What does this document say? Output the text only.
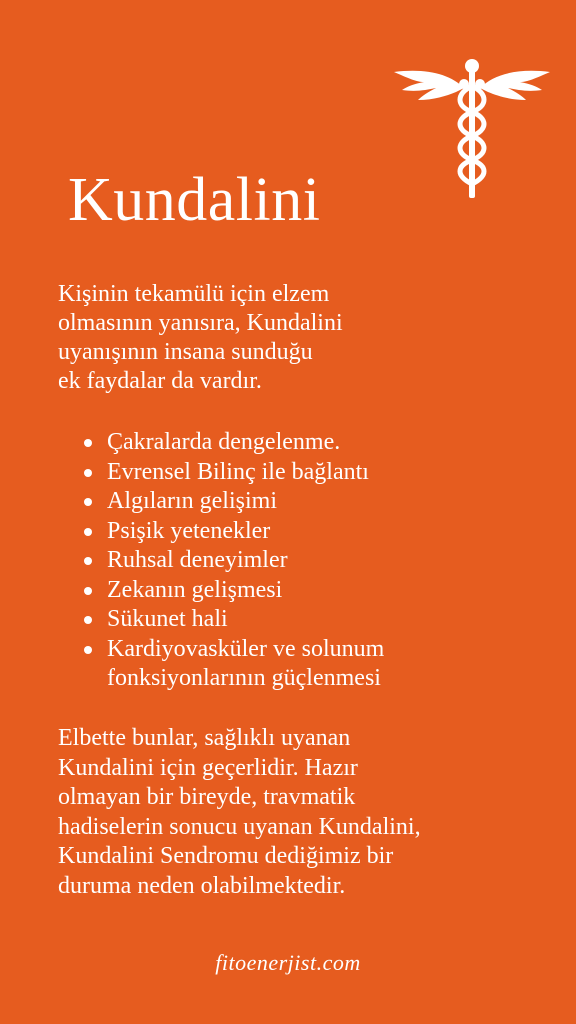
Kundalini

Kişinin tekamülü için elzem
olmasının yanısıra, Kundalini
uyanışının insana sunduğu
ek faydalar da vardır.

Çakralarda dengelenme.
Evrensel Bilinç ile bağlantı
Algıların gelişimi
Psişik yetenekler
Ruhsal deneyimler
Zekanın gelişmesi
Sükunet hali
Kardiyovasküler ve solunum
fonksiyonlarının güçlenmesi

Elbette bunlar, sağlıklı uyanan
Kundalini için geçerlidir. Hazır
olmayan bir bireyde, travmatik
hadiselerin sonucu uyanan Kundalini,
Kundalini Sendromu dediğimiz bir
duruma neden olabilmektedir.

fitoenerjist.com
